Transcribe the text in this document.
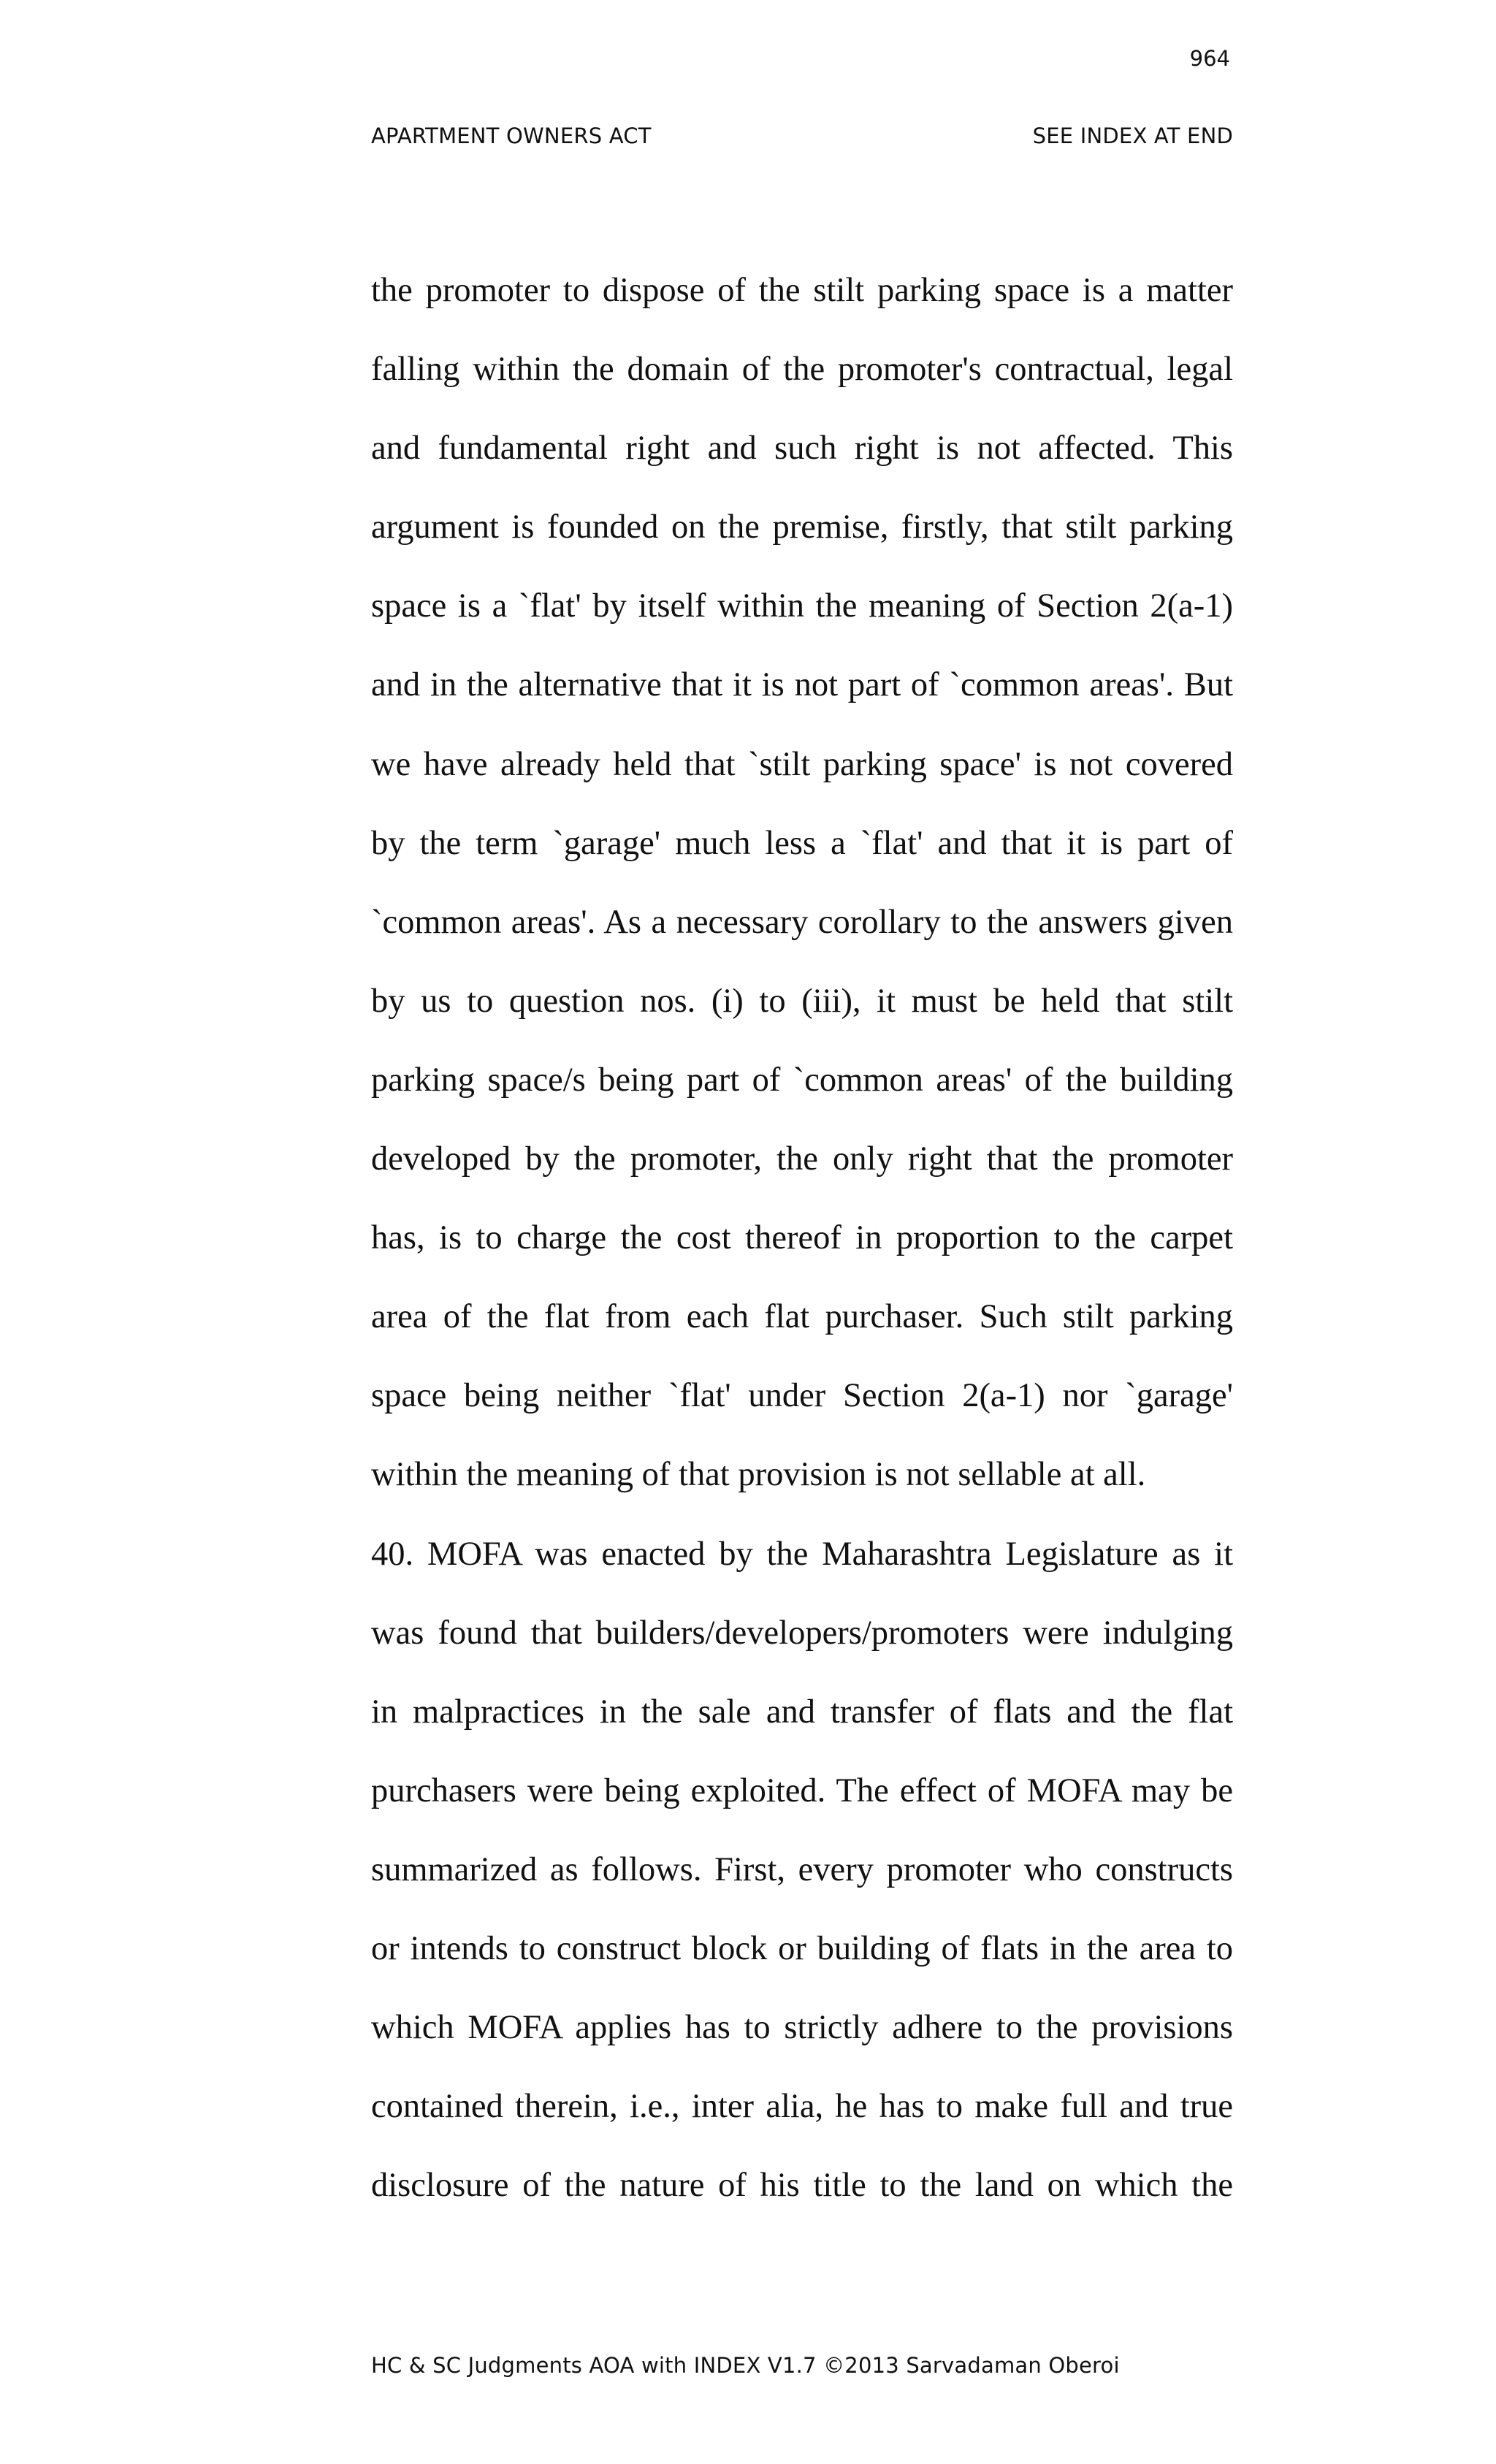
964
APARTMENT OWNERS ACT	SEE INDEX AT END
the promoter to dispose of the stilt parking space is a matter
falling within the domain of the promoter's contractual, legal
and fundamental right and such right is not affected. This
argument is founded on the premise, firstly, that stilt parking
space is a `flat' by itself within the meaning of Section 2(a-1)
and in the alternative that it is not part of `common areas'. But
we have already held that `stilt parking space' is not covered
by the term `garage' much less a `flat' and that it is part of
`common areas'. As a necessary corollary to the answers given
by us to question nos. (i) to (iii), it must be held that stilt
parking space/s being part of `common areas' of the building
developed by the promoter, the only right that the promoter
has, is to charge the cost thereof in proportion to the carpet
area of the flat from each flat purchaser. Such stilt parking
space being neither `flat' under Section 2(a-1) nor `garage'
within the meaning of that provision is not sellable at all.
40. MOFA was enacted by the Maharashtra Legislature as it
was found that builders/developers/promoters were indulging
in malpractices in the sale and transfer of flats and the flat
purchasers were being exploited. The effect of MOFA may be
summarized as follows. First, every promoter who constructs
or intends to construct block or building of flats in the area to
which MOFA applies has to strictly adhere to the provisions
contained therein, i.e., inter alia, he has to make full and true
disclosure of the nature of his title to the land on which the
HC & SC Judgments AOA with INDEX V1.7 ©2013 Sarvadaman Oberoi
